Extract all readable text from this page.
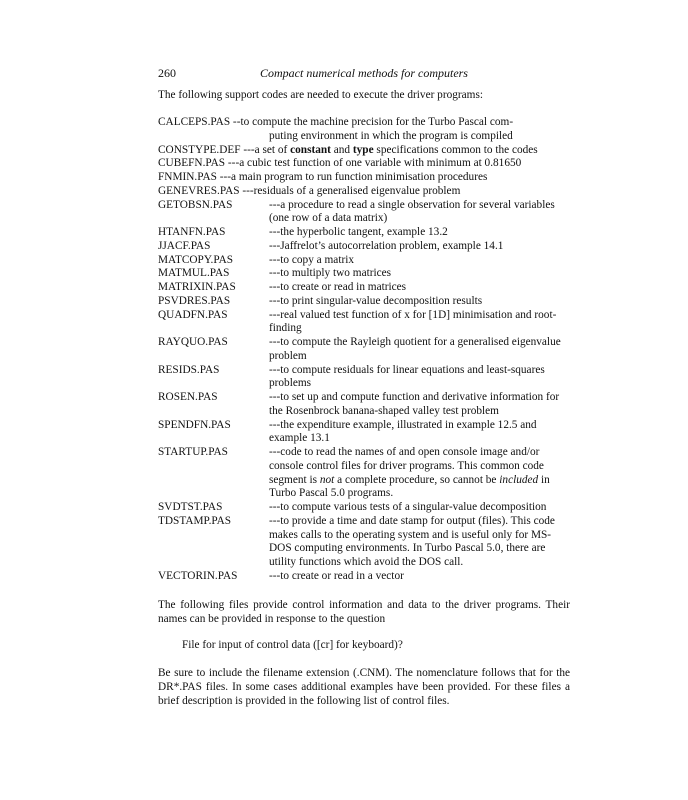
260	Compact numerical methods for computers
The following support codes are needed to execute the driver programs:
CALCEPS.PAS --to compute the machine precision for the Turbo Pascal com-
puting environment in which the program is compiled
CONSTYPE.DEF ---a set of constant and type specifications common to the codes
CUBEFN.PAS ---a cubic test function of one variable with minimum at 0.81650
FNMIN.PAS ---a main program to run function minimisation procedures
GENEVRES.PAS ---residuals of a generalised eigenvalue problem
GETOBSN.PAS	---a procedure to read a single observation for several variables
(one row of a data matrix)
HTANFN.PAS	---the hyperbolic tangent, example 13.2
JJACF.PAS	---Jaffrelot’s autocorrelation problem, example 14.1
MATCOPY.PAS	---to copy a matrix
MATMUL.PAS	---to multiply two matrices
MATRIXIN.PAS	---to create or read in matrices
PSVDRES.PAS	---to print singular-value decomposition results
QUADFN.PAS	---real valued test function of x for [1D] minimisation and root-
finding
RAYQUO.PAS	---to compute the Rayleigh quotient for a generalised eigenvalue
problem
RESIDS.PAS	---to compute residuals for linear equations and least-squares
problems
ROSEN.PAS	---to set up and compute function and derivative information for
the Rosenbrock banana-shaped valley test problem
SPENDFN.PAS	---the expenditure example, illustrated in example 12.5 and
example 13.1
STARTUP.PAS	---code to read the names of and open console image and/or
console control files for driver programs. This common code
segment is not a complete procedure, so cannot be included in
Turbo Pascal 5.0 programs.
SVDTST.PAS	---to compute various tests of a singular-value decomposition
TDSTAMP.PAS	---to provide a time and date stamp for output (files). This code
makes calls to the operating system and is useful only for MS-
DOS computing environments. In Turbo Pascal 5.0, there are
utility functions which avoid the DOS call.
VECTORIN.PAS	---to create or read in a vector
The following files provide control information and data to the driver programs. Their names can be provided in response to the question
File for input of control data ([cr] for keyboard)?
Be sure to include the filename extension (.CNM). The nomenclature follows that for the DR*.PAS files. In some cases additional examples have been provided. For these files a brief description is provided in the following list of control files.
